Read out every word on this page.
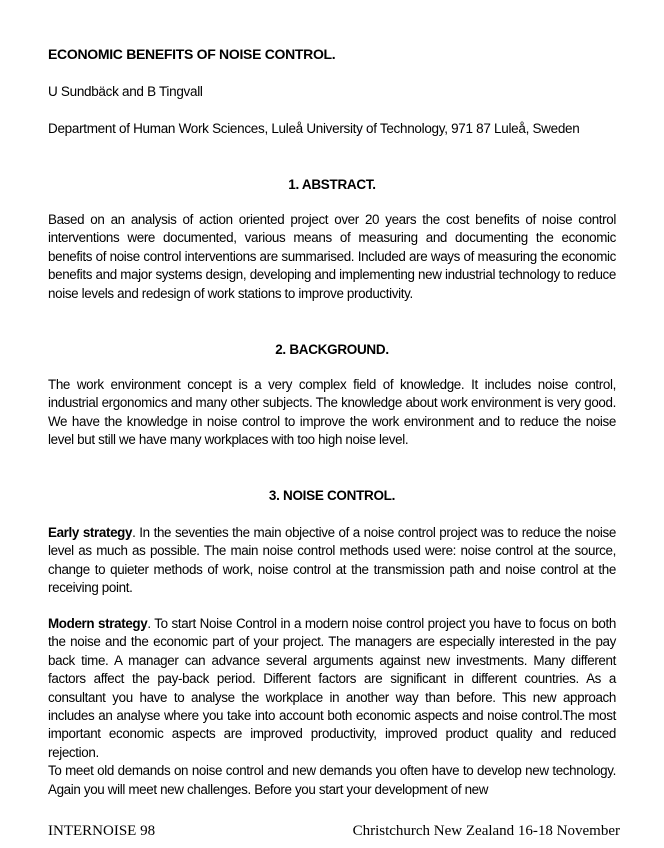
ECONOMIC BENEFITS OF NOISE CONTROL.
U Sundbäck and B Tingvall
Department of Human Work Sciences, Luleå University of Technology, 971 87 Luleå, Sweden
1. ABSTRACT.
Based on an analysis of action oriented project over 20 years the cost benefits of noise control interventions were documented, various means of measuring and documenting the economic benefits of noise control interventions are summarised. Included are ways of measuring the economic benefits and major systems design, developing and implementing new industrial technology to reduce noise levels and redesign of work stations to improve productivity.
2. BACKGROUND.
The work environment concept is a very complex field of knowledge. It includes noise control, industrial ergonomics and many other subjects. The knowledge about work environment is very good. We have the knowledge in noise control to improve the work environment and to reduce the noise level but still we have many workplaces with too high noise level.
3. NOISE CONTROL.
Early strategy. In the seventies the main objective of a noise control project was to reduce the noise level as much as possible. The main noise control methods used were: noise control at the source, change to quieter methods of work, noise control at the transmission path and noise control at the receiving point.
Modern strategy. To start Noise Control in a modern noise control project you have to focus on both the noise and the economic part of your project. The managers are especially interested in the pay back time. A manager can advance several arguments against new investments. Many different factors affect the pay-back period. Different factors are significant in different countries. As a consultant you have to analyse the workplace in another way than before. This new approach includes an analyse where you take into account both economic aspects and noise control.The most important economic aspects are improved productivity, improved product quality and reduced rejection.
To meet old demands on noise control and new demands you often have to develop new technology. Again you will meet new challenges. Before you start your development of new
INTERNOISE 98	Christchurch New Zealand 16-18 November
